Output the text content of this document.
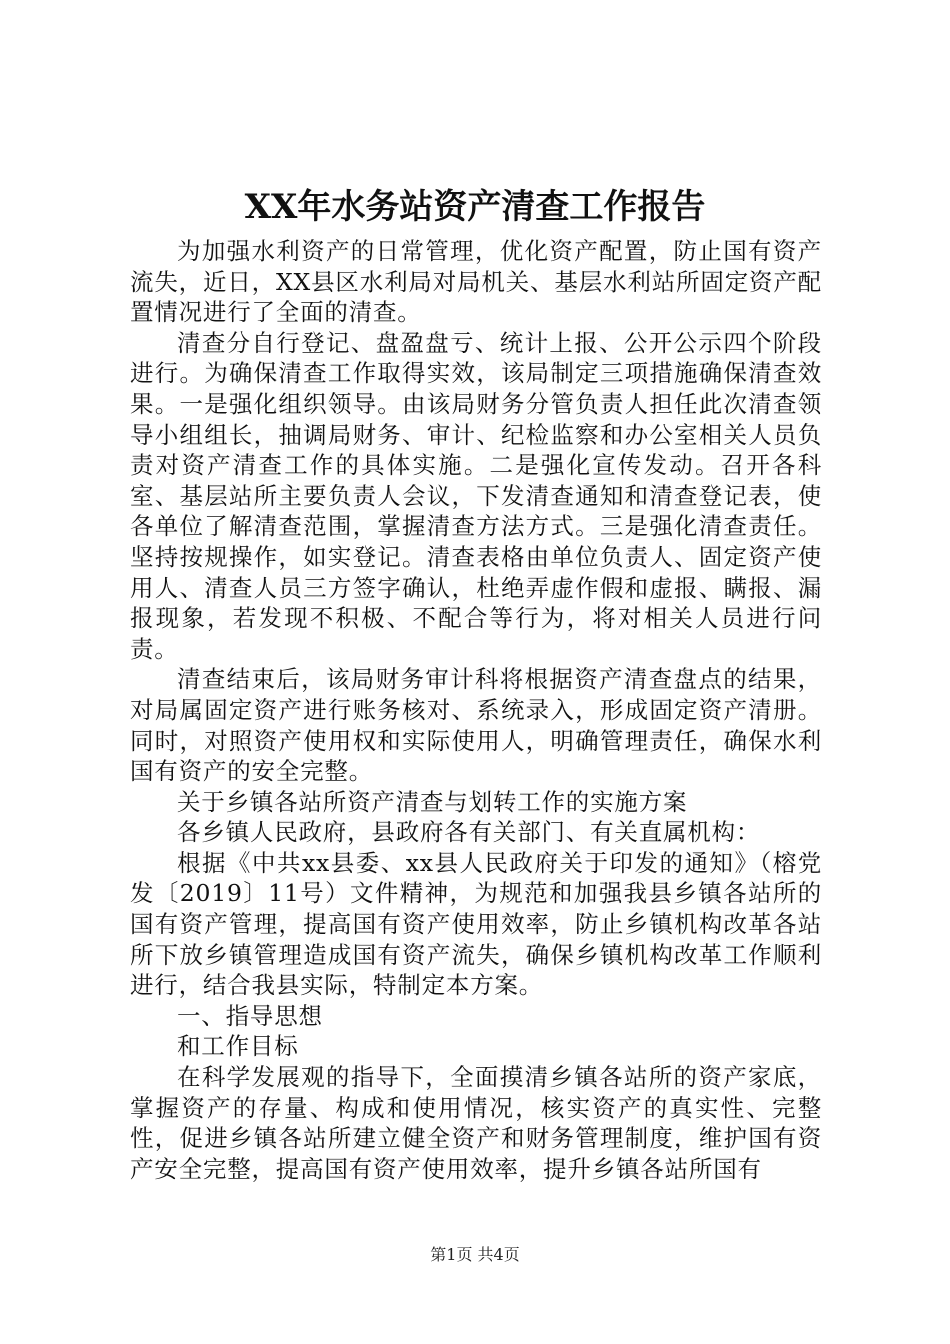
XX年水务站资产清查工作报告

为加强水利资产的日常管理，优化资产配置，防止国有资产流失，近日，XX县区水利局对局机关、基层水利站所固定资产配置情况进行了全面的清查。

清查分自行登记、盘盈盘亏、统计上报、公开公示四个阶段进行。为确保清查工作取得实效，该局制定三项措施确保清查效果。一是强化组织领导。由该局财务分管负责人担任此次清查领导小组组长，抽调局财务、审计、纪检监察和办公室相关人员负责对资产清查工作的具体实施。二是强化宣传发动。召开各科室、基层站所主要负责人会议，下发清查通知和清查登记表，使各单位了解清查范围，掌握清查方法方式。三是强化清查责任。坚持按规操作，如实登记。清查表格由单位负责人、固定资产使用人、清查人员三方签字确认，杜绝弄虚作假和虚报、瞒报、漏报现象，若发现不积极、不配合等行为，将对相关人员进行问责。

清查结束后，该局财务审计科将根据资产清查盘点的结果，对局属固定资产进行账务核对、系统录入，形成固定资产清册。同时，对照资产使用权和实际使用人，明确管理责任，确保水利国有资产的安全完整。

关于乡镇各站所资产清查与划转工作的实施方案

各乡镇人民政府，县政府各有关部门、有关直属机构：

根据《中共xx县委、xx县人民政府关于印发的通知》（榕党发〔2019〕11号）文件精神，为规范和加强我县乡镇各站所的国有资产管理，提高国有资产使用效率，防止乡镇机构改革各站所下放乡镇管理造成国有资产流失，确保乡镇机构改革工作顺利进行，结合我县实际，特制定本方案。

一、指导思想

和工作目标

在科学发展观的指导下，全面摸清乡镇各站所的资产家底，掌握资产的存量、构成和使用情况，核实资产的真实性、完整性，促进乡镇各站所建立健全资产和财务管理制度，维护国有资产安全完整，提高国有资产使用效率，提升乡镇各站所国有

第1页 共4页
